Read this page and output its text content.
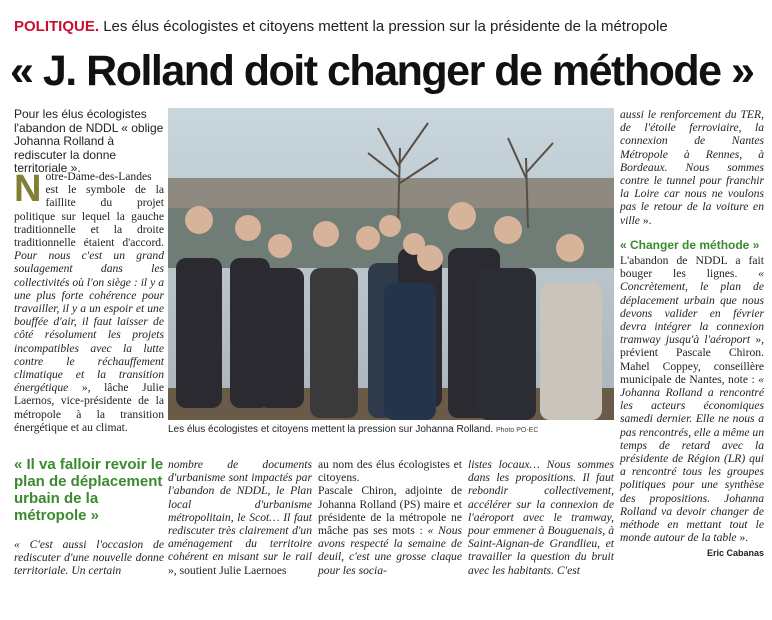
POLITIQUE. Les élus écologistes et citoyens mettent la pression sur la présidente de la métropole
« J. Rolland doit changer de méthode »
Pour les élus écologistes l'abandon de NDDL « oblige Johanna Rolland à rediscuter la donne territoriale ».
Notre-Dame-des-Landes est le symbole de la faillite du projet politique sur lequel la gauche traditionnelle et la droite traditionnelle étaient d'accord. Pour nous c'est un grand soulagement dans les collectivités où l'on siège : il y a une plus forte cohérence pour travailler, il y a un espoir et une bouffée d'air, il faut laisser de côté résolument les projets incompatibles avec la lutte contre le réchauffement climatique et la transition énergétique », lâche Julie Laernos, vice-présidente de la métropole à la transition énergétique et au climat.	Les élus écologistes et citoyens mettent la pression sur Johanna Rolland. Photo PO-EC
« Il va falloir revoir le plan de déplacement urbain de la métropole »
« C'est aussi l'occasion de rediscuter d'une nouvelle donne territoriale. Un certain
nombre de documents d'urbanisme sont impactés par l'abandon de NDDL, le Plan local d'urbanisme métropolitain, le Scot… Il faut rediscuter très clairement d'un aménagement du territoire cohérent en misant sur le rail », soutient Julie Laernoes
au nom des élus écologistes et citoyens.
Pascale Chiron, adjointe de Johanna Rolland (PS) maire et présidente de la métropole ne mâche pas ses mots : « Nous avons respecté la semaine de deuil, c'est une grosse claque pour les socia-
listes locaux… Nous sommes dans les propositions. Il faut rebondir collectivement, accélérer sur la connexion de l'aéroport avec le tramway, pour emmener à Bouguenais, à Saint-Aignan-de Grandlieu, et travailler la question du bruit avec les habitants. C'est
aussi le renforcement du TER, de l'étoile ferroviaire, la connexion de Nantes Métropole à Rennes, à Bordeaux. Nous sommes contre le tunnel pour franchir la Loire car nous ne voulons pas le retour de la voiture en ville ».
« Changer de méthode »
L'abandon de NDDL a fait bouger les lignes. « Concrètement, le plan de déplacement urbain que nous devons valider en février devra intégrer la connexion tramway jusqu'à l'aéroport », prévient Pascale Chiron. Mahel Coppey, conseillère municipale de Nantes, note : « Johanna Rolland a rencontré les acteurs économiques samedi dernier. Elle ne nous a pas rencontrés, elle a même un temps de retard avec la présidente de Région (LR) qui a rencontré tous les groupes politiques pour une synthèse des propositions. Johanna Rolland va devoir changer de méthode en mettant tout le monde autour de la table ».
Eric Cabanas
